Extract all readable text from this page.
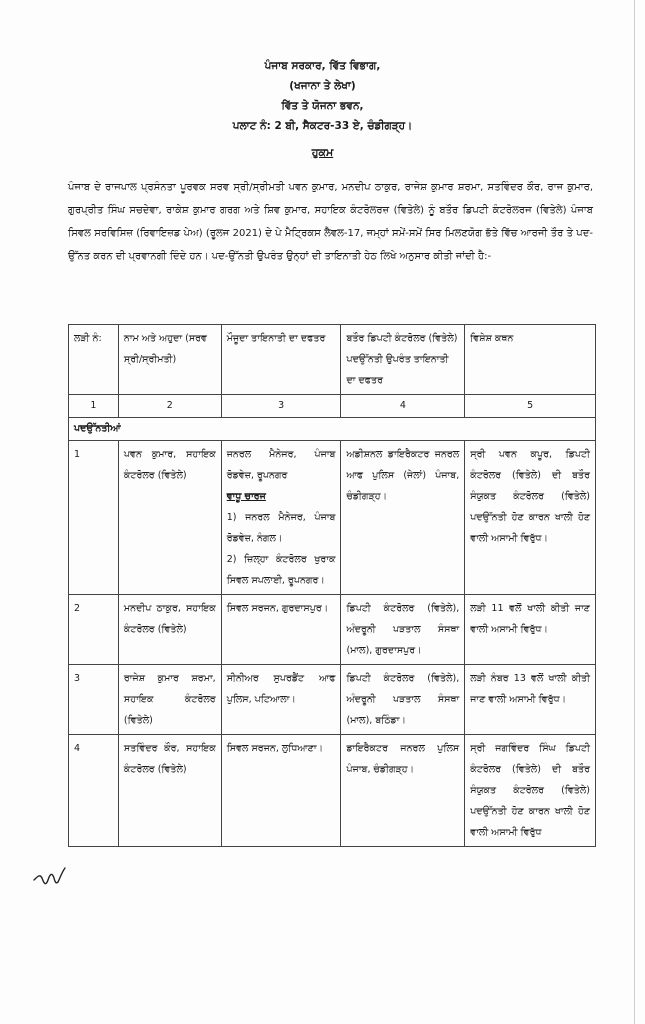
ਪੰਜਾਬ ਸਰਕਾਰ, ਵਿੱਤ ਵਿਭਾਗ,
(ਖਜਾਨਾ ਤੇ ਲੇਖਾ)
ਵਿੱਤ ਤੇ ਯੋਜਨਾ ਭਵਨ,
ਪਲਾਟ ਨੰ: 2 ਬੀ, ਸੈਕਟਰ-33 ਏ, ਚੰਡੀਗੜ੍ਹ।
ਹੁਕਮ
ਪੰਜਾਬ ਦੇ ਰਾਜਪਾਲ ਪ੍ਰਸੰਨਤਾ ਪੂਰਵਕ ਸਰਵ ਸ੍ਰੀ/ਸ੍ਰੀਮਤੀ ਪਵਨ ਕੁਮਾਰ, ਮਨਦੀਪ ਠਾਕੁਰ, ਰਾਜੇਸ਼ ਕੁਮਾਰ ਸ਼ਰਮਾ, ਸਤਵਿੰਦਰ ਕੌਰ, ਰਾਜ ਕੁਮਾਰ, ਗੁਰਪ੍ਰੀਤ ਸਿੰਘ ਸਚਦੇਵਾ, ਰਾਕੇਸ਼ ਕੁਮਾਰ ਗਰਗ ਅਤੇ ਸ਼ਿਵ ਕੁਮਾਰ, ਸਹਾਇਕ ਕੰਟਰੋਲਰਜ਼ (ਵਿਤੇਲੇ) ਨੂੰ ਬਤੌਰ ਡਿਪਟੀ ਕੰਟਰੋਲਰਜ (ਵਿਤੇਲੇ) ਪੰਜਾਬ ਸਿਵਲ ਸਰਵਿਸਿਜ਼ (ਰਿਵਾਇਜ਼ਡ ਪੇਅ) (ਰੂਲਜ 2021) ਦੇ ਪੇ ਮੈਟ੍ਰਿਕਸ ਲੈਵਲ-17, ਜਮ੍ਹਾਂ ਸਮੇਂ-ਸਮੇਂ ਸਿਰ ਮਿਲਣਯੋਗ ਭੱਤੇ ਵਿੱਚ ਆਰਜੀ ਤੌਰ ਤੇ ਪਦ-ਉੱਨਤ ਕਰਨ ਦੀ ਪ੍ਰਵਾਨਗੀ ਦਿੰਦੇ ਹਨ। ਪਦ-ਉੱਨਤੀ ਉਪਰੰਤ ਉਨ੍ਹਾਂ ਦੀ ਤਾਇਨਾਤੀ ਹੇਠ ਲਿਖੇ ਅਨੁਸਾਰ ਕੀਤੀ ਜਾਂਦੀ ਹੈ:-
ਲੜੀ ਨੰ:	ਨਾਮ ਅਤੇ ਅਹੁਦਾ (ਸਰਵ ਸ੍ਰੀ/ਸ੍ਰੀਮਤੀ)	ਮੌਜੂਦਾ ਤਾਇਨਾਤੀ ਦਾ ਦਫਤਰ	ਬਤੌਰ ਡਿਪਟੀ ਕੰਟਰੋਲਰ (ਵਿਤੇਲੇ) ਪਦਉੱਨਤੀ ਉਪਰੰਤ ਤਾਇਨਾਤੀ ਦਾ ਦਫਤਰ	ਵਿਸ਼ੇਸ਼ ਕਥਨ
1	2	3	4	5
ਪਦਉੱਨਤੀਆਂ				
1	ਪਵਨ ਕੁਮਾਰ, ਸਹਾਇਕ ਕੰਟਰੋਲਰ (ਵਿਤੇਲੇ)	ਜਨਰਲ ਮੈਨੇਜਰ, ਪੰਜਾਬ ਰੋਡਵੇਜ਼, ਰੂਪਨਗਰ
ਵਾਧੂ ਚਾਰਜ
1) ਜਨਰਲ ਮੈਨੇਜਰ, ਪੰਜਾਬ ਰੋਡਵੇਜ਼, ਨੰਗਲ।
2) ਜ਼ਿਲ੍ਹਾ ਕੰਟਰੋਲਰ ਖੁਰਾਕ ਸਿਵਲ ਸਪਲਾਈ, ਰੂਪਨਗਰ।	ਅਡੀਸ਼ਨਲ ਡਾਇਰੈਕਟਰ ਜਨਰਲ ਆਫ ਪੁਲਿਸ (ਜੇਲਾਂ) ਪੰਜਾਬ, ਚੰਡੀਗੜ੍ਹ।	ਸ੍ਰੀ ਪਵਨ ਕਪੂਰ, ਡਿਪਟੀ ਕੰਟਰੋਲਰ (ਵਿਤੇਲੇ) ਦੀ ਬਤੌਰ ਸੰਯੁਕਤ ਕੰਟਰੋਲਰ (ਵਿਤੇਲੇ) ਪਦਉੱਨਤੀ ਹੋਣ ਕਾਰਨ ਖਾਲੀ ਹੋਣ ਵਾਲੀ ਅਸਾਮੀ ਵਿਰੁੱਧ।
2	ਮਨਦੀਪ ਠਾਕੁਰ, ਸਹਾਇਕ ਕੰਟਰੋਲਰ (ਵਿਤੇਲੇ)	ਸਿਵਲ ਸਰਜਨ, ਗੁਰਦਾਸਪੁਰ।	ਡਿਪਟੀ ਕੰਟਰੋਲਰ (ਵਿਤੇਲੇ), ਅੰਦਰੂਨੀ ਪੜਤਾਲ ਸੰਸਥਾ (ਮਾਲ), ਗੁਰਦਾਸਪੁਰ।	ਲੜੀ 11 ਵਲੋਂ ਖਾਲੀ ਕੀਤੀ ਜਾਣ ਵਾਲੀ ਅਸਾਮੀ ਵਿਰੁੱਧ।
3	ਰਾਜੇਸ਼ ਕੁਮਾਰ ਸ਼ਰਮਾ, ਸਹਾਇਕ ਕੰਟਰੋਲਰ (ਵਿਤੇਲੇ)	ਸੀਨੀਅਰ ਸੁਪਰਡੈਂਟ ਆਫ ਪੁਲਿਸ, ਪਟਿਆਲਾ।	ਡਿਪਟੀ ਕੰਟਰੋਲਰ (ਵਿਤੇਲੇ), ਅੰਦਰੂਨੀ ਪੜਤਾਲ ਸੰਸਥਾ (ਮਾਲ), ਬਠਿੰਡਾ।	ਲੜੀ ਨੰਬਰ 13 ਵਲੋਂ ਖਾਲੀ ਕੀਤੀ ਜਾਣ ਵਾਲੀ ਅਸਾਮੀ ਵਿਰੁੱਧ।
4	ਸਤਵਿੰਦਰ ਕੌਰ, ਸਹਾਇਕ ਕੰਟਰੋਲਰ (ਵਿਤੇਲੇ)	ਸਿਵਲ ਸਰਜਨ, ਲੁਧਿਆਣਾ।	ਡਾਇਰੈਕਟਰ ਜਨਰਲ ਪੁਲਿਸ ਪੰਜਾਬ, ਚੰਡੀਗੜ੍ਹ।	ਸ੍ਰੀ ਜਗਵਿੰਦਰ ਸਿੰਘ ਡਿਪਟੀ ਕੰਟਰੋਲਰ (ਵਿਤੇਲੇ) ਦੀ ਬਤੌਰ ਸੰਯੁਕਤ ਕੰਟਰੋਲਰ (ਵਿਤੇਲੇ) ਪਦਉੱਨਤੀ ਹੋਣ ਕਾਰਨ ਖਾਲੀ ਹੋਣ ਵਾਲੀ ਅਸਾਮੀ ਵਿਰੁੱਧ
